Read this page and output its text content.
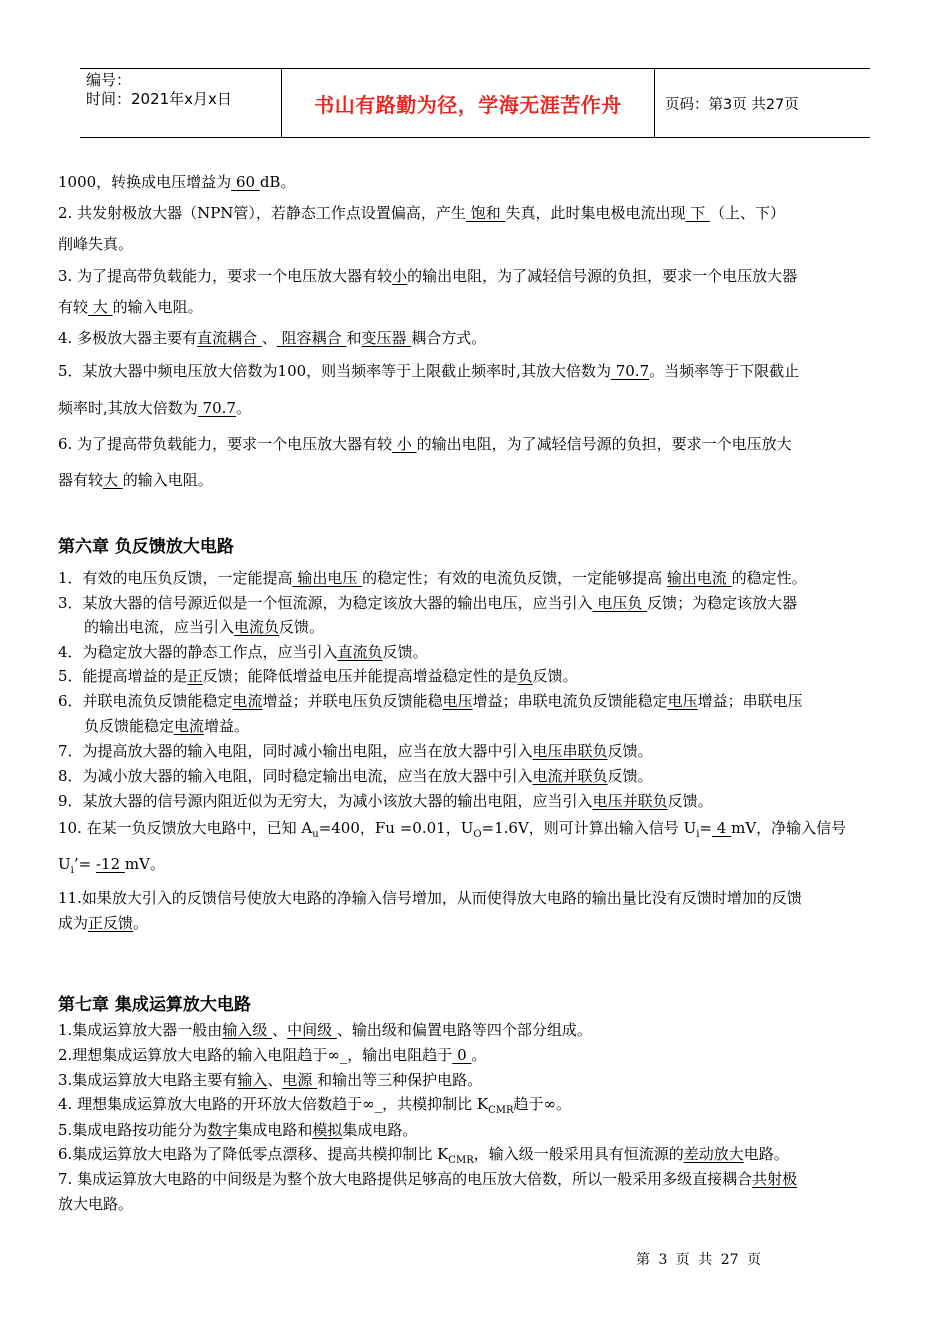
编号：
时间：2021年x月x日	书山有路勤为径，学海无涯苦作舟	页码：第3页 共27页
1000，转换成电压增益为 60 dB。
2. 共发射极放大器（NPN管），若静态工作点设置偏高，产生 饱和 失真，此时集电极电流出现 下 （上、下）
削峰失真。
3. 为了提高带负载能力，要求一个电压放大器有较小的输出电阻，为了减轻信号源的负担，要求一个电压放大器
有较 大 的输入电阻。
4. 多极放大器主要有直流耦合 、 阻容耦合 和变压器 耦合方式。
5．某放大器中频电压放大倍数为100，则当频率等于上限截止频率时,其放大倍数为 70.7。当频率等于下限截止
频率时,其放大倍数为 70.7。
6. 为了提高带负载能力，要求一个电压放大器有较 小 的输出电阻，为了减轻信号源的负担，要求一个电压放大
器有较大 的输入电阻。
第六章 负反馈放大电路
1．有效的电压负反馈，一定能提高 输出电压 的稳定性；有效的电流负反馈，一定能够提高 输出电流 的稳定性。
3．某放大器的信号源近似是一个恒流源，为稳定该放大器的输出电压，应当引入 电压负 反馈；为稳定该放大器
的输出电流，应当引入电流负反馈。
4．为稳定放大器的静态工作点，应当引入直流负反馈。
5．能提高增益的是正反馈；能降低增益电压并能提高增益稳定性的是负反馈。
6．并联电流负反馈能稳定电流增益；并联电压负反馈能稳电压增益；串联电流负反馈能稳定电压增益；串联电压
负反馈能稳定电流增益。
7．为提高放大器的输入电阻，同时减小输出电阻，应当在放大器中引入电压串联负反馈。
8．为减小放大器的输入电阻，同时稳定输出电流，应当在放大器中引入电流并联负反馈。
9．某放大器的信号源内阻近似为无穷大，为减小该放大器的输出电阻，应当引入电压并联负反馈。
10. 在某一负反馈放大电路中，已知 $A_u=400$，Fu =0.01，$U_O=1.6V$，则可计算出输入信号 $U_i= 4$ mV，净输入信号
$U_i’= -12$ mV。
11.如果放大引入的反馈信号使放大电路的净输入信号增加，从而使得放大电路的输出量比没有反馈时增加的反馈
成为正反馈。
第七章 集成运算放大电路
1.集成运算放大器一般由输入级 、中间级 、输出级和偏置电路等四个部分组成。
2.理想集成运算放大电路的输入电阻趋于∞_，输出电阻趋于 0 。
3.集成运算放大电路主要有输入、电源 和输出等三种保护电路。
4. 理想集成运算放大电路的开环放大倍数趋于∞_，共模抑制比 $K_{CMR}$趋于∞。
5.集成电路按功能分为数字集成电路和模拟集成电路。
6.集成运算放大电路为了降低零点漂移、提高共模抑制比 $K_{CMR}$，输入级一般采用具有恒流源的差动放大电路。
7. 集成运算放大电路的中间级是为整个放大电路提供足够高的电压放大倍数，所以一般采用多级直接耦合共射极
放大电路。
第 3 页 共 27 页
